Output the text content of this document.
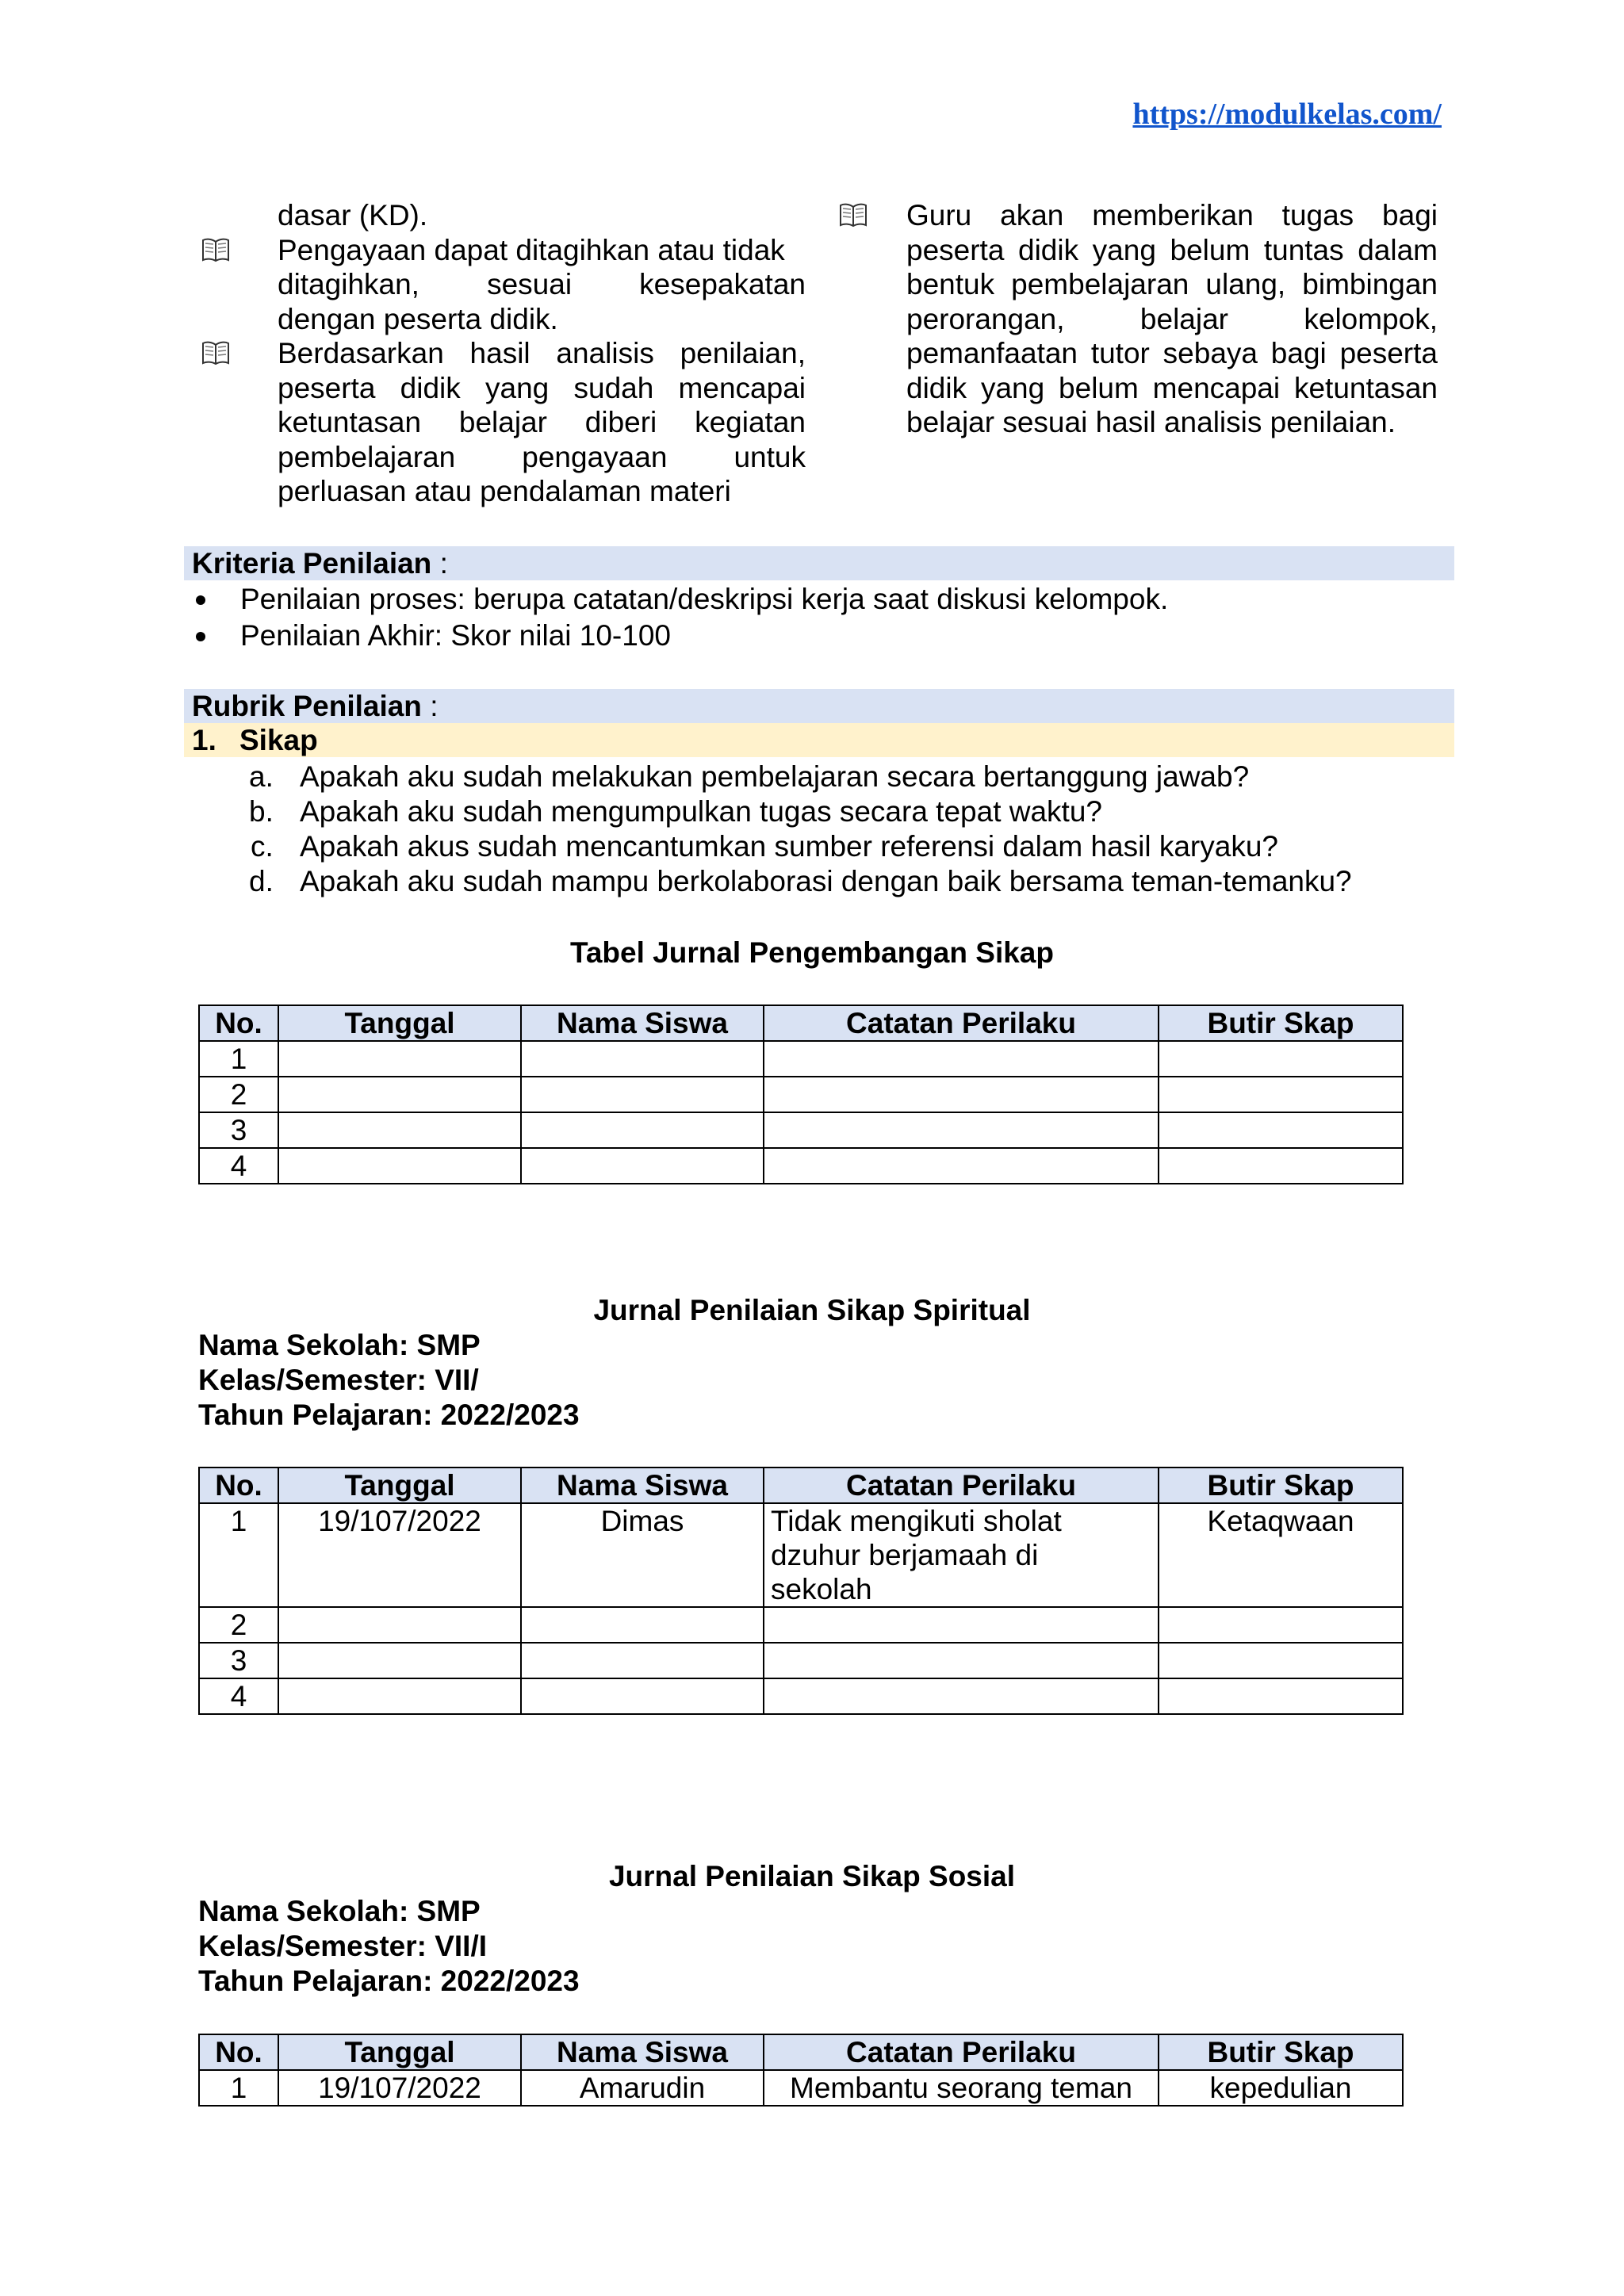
https://modulkelas.com/

dasar (KD).

Pengayaan dapat ditagihkan atau tidak
ditagihkan, sesuai kesepakatan
dengan peserta didik.

Berdasarkan hasil analisis penilaian,
peserta didik yang sudah mencapai
ketuntasan belajar diberi kegiatan
pembelajaran pengayaan untuk
perluasan atau pendalaman materi

Guru akan memberikan tugas bagi
peserta didik yang belum tuntas dalam
bentuk pembelajaran ulang, bimbingan
perorangan, belajar kelompok,
pemanfaatan tutor sebaya bagi peserta
didik yang belum mencapai ketuntasan
belajar sesuai hasil analisis penilaian.

Kriteria Penilaian :
Penilaian proses: berupa catatan/deskripsi kerja saat diskusi kelompok.
Penilaian Akhir: Skor nilai 10-100
Rubrik Penilaian :
1. Sikap
a. Apakah aku sudah melakukan pembelajaran secara bertanggung jawab?
b. Apakah aku sudah mengumpulkan tugas secara tepat waktu?
c. Apakah akus sudah mencantumkan sumber referensi dalam hasil karyaku?
d. Apakah aku sudah mampu berkolaborasi dengan baik bersama teman-temanku?
Tabel Jurnal Pengembangan Sikap
No.	Tanggal	Nama Siswa	Catatan Perilaku	Butir Skap
1				
2				
3				
4				
Jurnal Penilaian Sikap Spiritual
Nama Sekolah: SMP
Kelas/Semester: VII/
Tahun Pelajaran: 2022/2023
No.	Tanggal	Nama Siswa	Catatan Perilaku	Butir Skap
1	19/107/2022	Dimas	Tidak mengikuti sholat
dzuhur berjamaah di
sekolah	Ketaqwaan
2				
3				
4				
Jurnal Penilaian Sikap Sosial
Nama Sekolah: SMP
Kelas/Semester: VII/I
Tahun Pelajaran: 2022/2023
No.	Tanggal	Nama Siswa	Catatan Perilaku	Butir Skap
1	19/107/2022	Amarudin	Membantu seorang teman	kepedulian
